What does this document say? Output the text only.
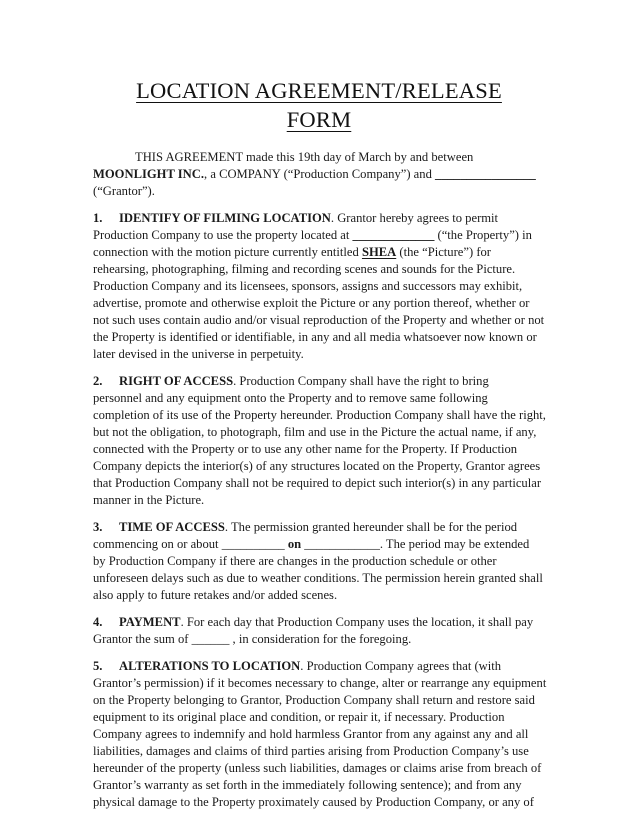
LOCATION AGREEMENT/RELEASE
FORM
THIS AGREEMENT made this 19th day of March by and between
MOONLIGHT INC., a COMPANY (“Production Company”) and ________________
(“Grantor”).
1. IDENTIFY OF FILMING LOCATION. Grantor hereby agrees to permit
Production Company to use the property located at _____________ (“the Property”) in
connection with the motion picture currently entitled SHEA (the “Picture”) for
rehearsing, photographing, filming and recording scenes and sounds for the Picture.
Production Company and its licensees, sponsors, assigns and successors may exhibit,
advertise, promote and otherwise exploit the Picture or any portion thereof, whether or
not such uses contain audio and/or visual reproduction of the Property and whether or not
the Property is identified or identifiable, in any and all media whatsoever now known or
later devised in the universe in perpetuity.
2. RIGHT OF ACCESS. Production Company shall have the right to bring
personnel and any equipment onto the Property and to remove same following
completion of its use of the Property hereunder. Production Company shall have the right,
but not the obligation, to photograph, film and use in the Picture the actual name, if any,
connected with the Property or to use any other name for the Property. If Production
Company depicts the interior(s) of any structures located on the Property, Grantor agrees
that Production Company shall not be required to depict such interior(s) in any particular
manner in the Picture.
3. TIME OF ACCESS. The permission granted hereunder shall be for the period
commencing on or about __________ on ____________. The period may be extended
by Production Company if there are changes in the production schedule or other
unforeseen delays such as due to weather conditions. The permission herein granted shall
also apply to future retakes and/or added scenes.
4. PAYMENT. For each day that Production Company uses the location, it shall pay
Grantor the sum of ______ , in consideration for the foregoing.
5. ALTERATIONS TO LOCATION. Production Company agrees that (with
Grantor’s permission) if it becomes necessary to change, alter or rearrange any equipment
on the Property belonging to Grantor, Production Company shall return and restore said
equipment to its original place and condition, or repair it, if necessary. Production
Company agrees to indemnify and hold harmless Grantor from any against any and all
liabilities, damages and claims of third parties arising from Production Company’s use
hereunder of the property (unless such liabilities, damages or claims arise from breach of
Grantor’s warranty as set forth in the immediately following sentence); and from any
physical damage to the Property proximately caused by Production Company, or any of
